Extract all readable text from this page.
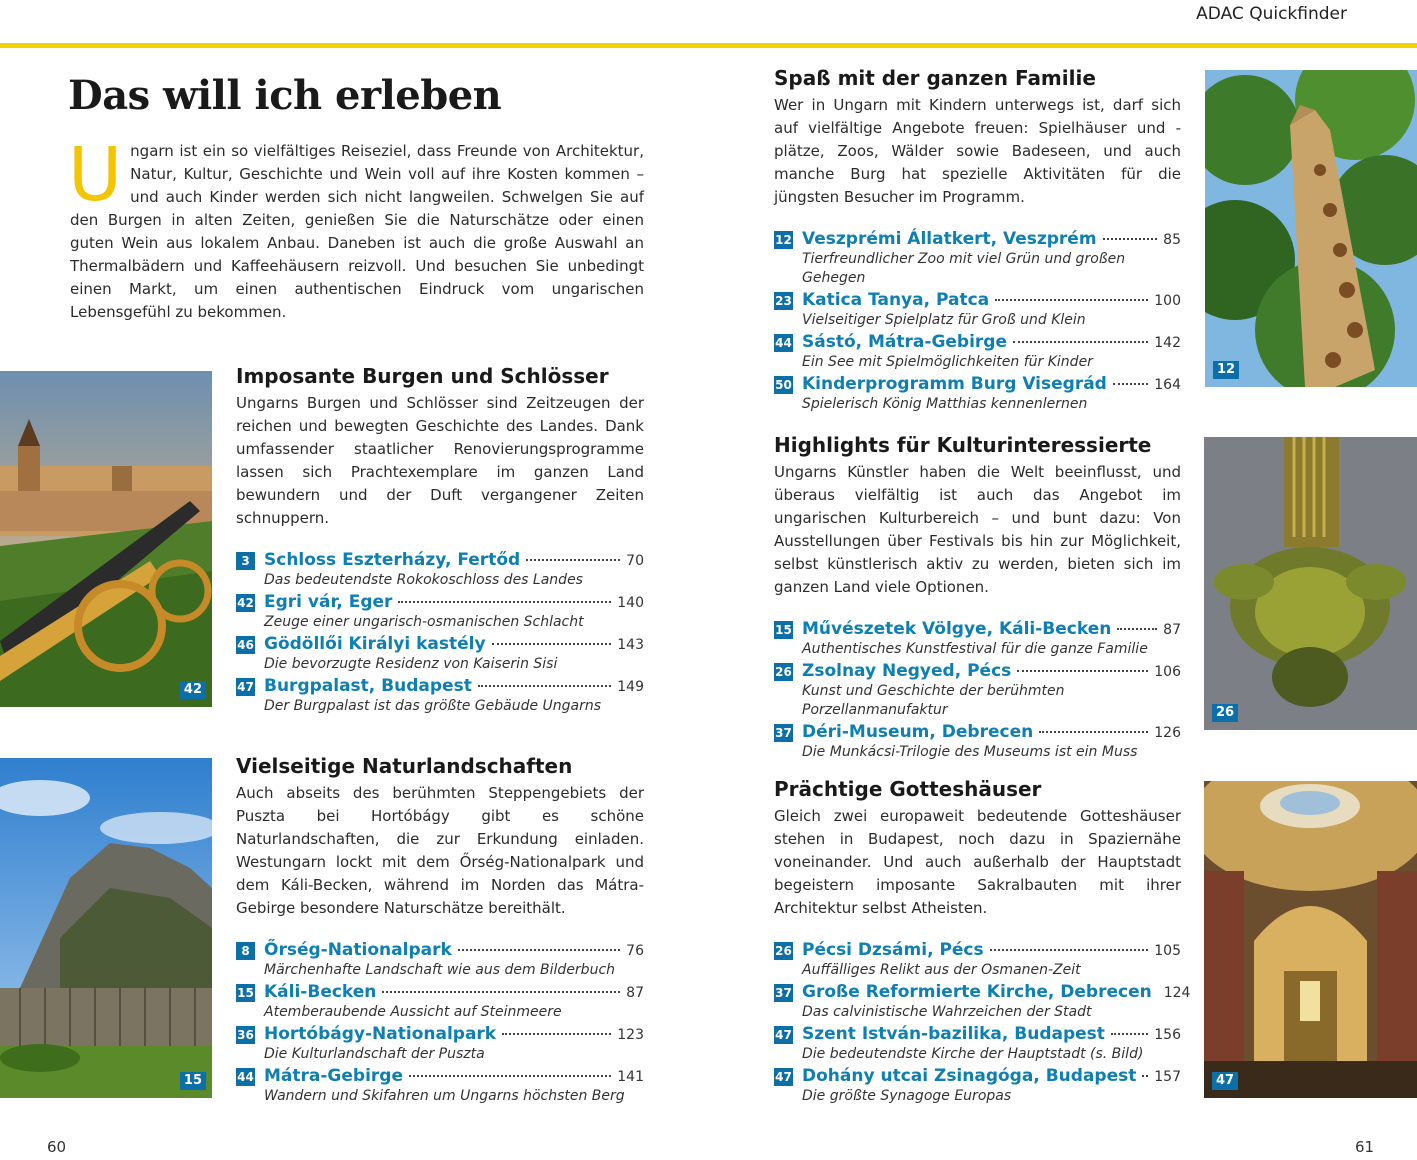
ADAC Quickfinder
Das will ich erleben
U ngarn ist ein so vielfältiges Reiseziel, dass Freunde von Architektur, Natur, Kultur, Geschichte und Wein voll auf ihre Kosten kommen – und auch Kinder werden sich nicht langweilen. Schwelgen Sie auf den Burgen in alten Zeiten, genießen Sie die Naturschätze oder einen guten Wein aus lokalem Anbau. Daneben ist auch die große Auswahl an Thermalbädern und Kaffeehäusern reizvoll. Und besuchen Sie unbedingt einen Markt, um einen authentischen Eindruck vom ungarischen Lebensgefühl zu bekommen.
42
15
12
26
47
Imposante Burgen und Schlösser

Ungarns Burgen und Schlösser sind Zeitzeugen der reichen und bewegten Geschichte des Landes. Dank umfassender staatlicher Renovierungsprogramme lassen sich Prachtexemplare im ganzen Land bewundern und der Duft vergangener Zeiten schnuppern.

3 Schloss Eszterházy, Fertőd	70
Das bedeutendste Rokokoschloss des Landes
42 Egri vár, Eger	140
Zeuge einer ungarisch-osmanischen Schlacht
46 Gödöllői Királyi kastély	143
Die bevorzugte Residenz von Kaiserin Sisi
47 Burgpalast, Budapest	149
Der Burgpalast ist das größte Gebäude Ungarns
Vielseitige Naturlandschaften

Auch abseits des berühmten Steppengebiets der Puszta bei Hortóbágy gibt es schöne Naturlandschaften, die zur Erkundung einladen. Westungarn lockt mit dem Őrség-Nationalpark und dem Káli-Becken, während im Norden das Mátra-Gebirge besondere Naturschätze bereithält.

8 Őrség-Nationalpark	76
Märchenhafte Landschaft wie aus dem Bilderbuch
15 Káli-Becken	87
Atemberaubende Aussicht auf Steinmeere
36 Hortóbágy-Nationalpark	123
Die Kulturlandschaft der Puszta
44 Mátra-Gebirge	141
Wandern und Skifahren um Ungarns höchsten Berg
Spaß mit der ganzen Familie

Wer in Ungarn mit Kindern unterwegs ist, darf sich auf vielfältige Angebote freuen: Spielhäuser und -plätze, Zoos, Wälder sowie Badeseen, und auch manche Burg hat spezielle Aktivitäten für die jüngsten Besucher im Programm.

12 Veszprémi Állatkert, Veszprém	85
Tierfreundlicher Zoo mit viel Grün und großen Gehegen
23 Katica Tanya, Patca	100
Vielseitiger Spielplatz für Groß und Klein
44 Sástó, Mátra-Gebirge	142
Ein See mit Spielmöglichkeiten für Kinder
50 Kinderprogramm Burg Visegrád	164
Spielerisch König Matthias kennenlernen
Highlights für Kulturinteressierte

Ungarns Künstler haben die Welt beeinflusst, und überaus vielfältig ist auch das Angebot im ungarischen Kulturbereich – und bunt dazu: Von Ausstellungen über Festivals bis hin zur Möglichkeit, selbst künstlerisch aktiv zu werden, bieten sich im ganzen Land viele Optionen.

15 Művészetek Völgye, Káli-Becken	87
Authentisches Kunstfestival für die ganze Familie
26 Zsolnay Negyed, Pécs	106
Kunst und Geschichte der berühmten Porzellanmanufaktur
37 Déri-Museum, Debrecen	126
Die Munkácsi-Trilogie des Museums ist ein Muss
Prächtige Gotteshäuser

Gleich zwei europaweit bedeutende Gotteshäuser stehen in Budapest, noch dazu in Spaziernähe voneinander. Und auch außerhalb der Hauptstadt begeistern imposante Sakralbauten mit ihrer Architektur selbst Atheisten.

26 Pécsi Dzsámi, Pécs	105
Auffälliges Relikt aus der Osmanen-Zeit
37 Große Reformierte Kirche, Debrecen 124
Das calvinistische Wahrzeichen der Stadt
47 Szent István-bazilika, Budapest	156
Die bedeutendste Kirche der Hauptstadt (s. Bild)
47 Dohány utcai Zsinagóga, Budapest 157
Die größte Synagoge Europas
60	61
